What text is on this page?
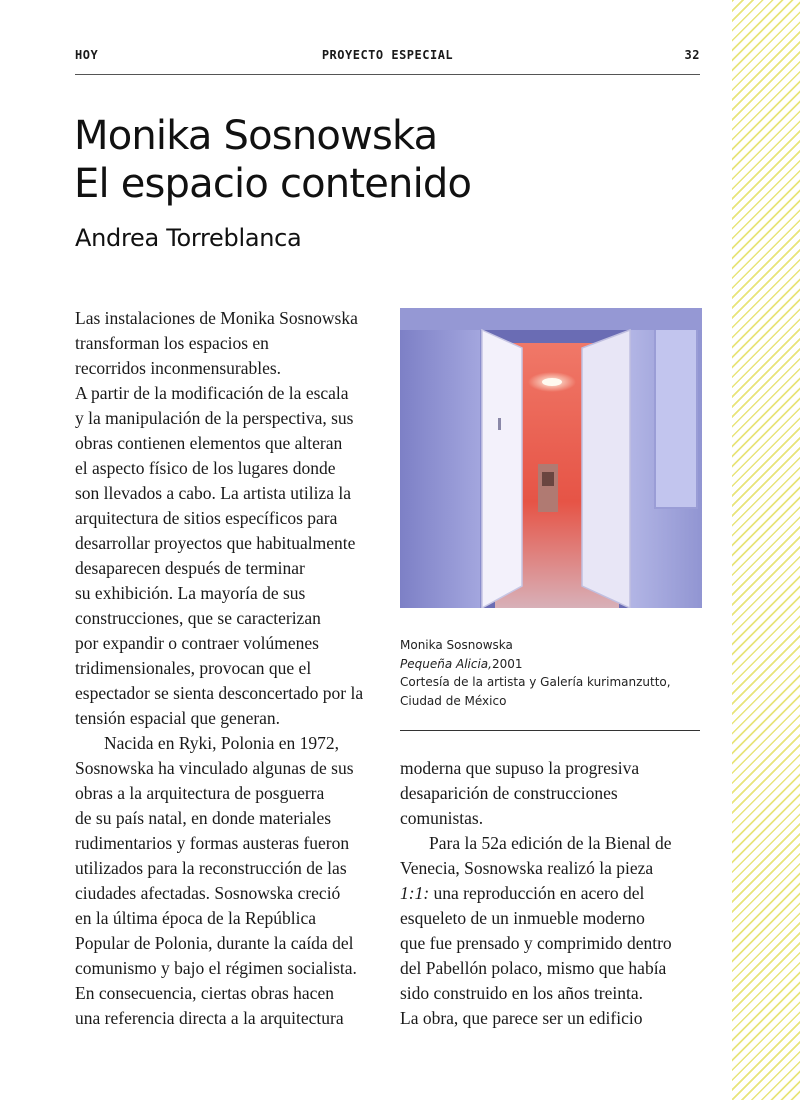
HOY	PROYECTO ESPECIAL	32
Monika Sosnowska
El espacio contenido
Andrea Torreblanca

Las instalaciones de Monika Sosnowska

transforman los espacios en

recorridos inconmensurables.

A partir de la modificación de la escala

y la manipulación de la perspectiva, sus

obras contienen elementos que alteran

el aspecto físico de los lugares donde

son llevados a cabo. La artista utiliza la

arquitectura de sitios específicos para

desarrollar proyectos que habitualmente

desaparecen después de terminar

su exhibición. La mayoría de sus

construcciones, que se caracterizan

por expandir o contraer volúmenes

tridimensionales, provocan que el

espectador se sienta desconcertado por la

tensión espacial que generan.

Nacida en Ryki, Polonia en 1972,

Sosnowska ha vinculado algunas de sus

obras a la arquitectura de posguerra

de su país natal, en donde materiales

rudimentarios y formas austeras fueron

utilizados para la reconstrucción de las

ciudades afectadas. Sosnowska creció

en la última época de la República

Popular de Polonia, durante la caída del

comunismo y bajo el régimen socialista.

En consecuencia, ciertas obras hacen

una referencia directa a la arquitectura

Monika Sosnowska
Pequeña Alicia,2001
Cortesía de la artista y Galería kurimanzutto,
Ciudad de México

moderna que supuso la progresiva

desaparición de construcciones

comunistas.

Para la 52a edición de la Bienal de

Venecia, Sosnowska realizó la pieza

1:1: una reproducción en acero del

esqueleto de un inmueble moderno

que fue prensado y comprimido dentro

del Pabellón polaco, mismo que había

sido construido en los años treinta.

La obra, que parece ser un edificio
